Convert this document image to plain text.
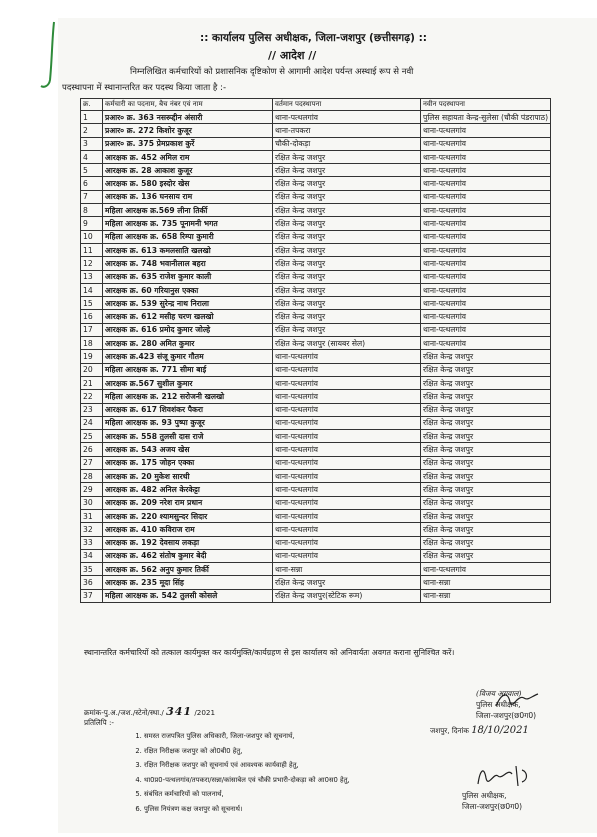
:: कार्यालय पुलिस अधीक्षक, जिला-जशपुर (छत्तीसगढ़) ::
// आदेश //
निम्नलिखित कर्मचारियों को प्रशासनिक दृष्टिकोण से आगामी आदेश पर्यन्त अस्थाई रूप से नवी
पदस्थापना में स्थानान्तरित कर पदस्थ किया जाता है :-
क्र.	कर्मचारी का पदनाम, बैच नंबर एवं नाम	वर्तमान पदस्थापना	नवीन पदस्थापना
1	प्रआर० क्र. 363 नसरूद्दीन अंसारी	थाना-पत्थलगांव	पुलिस सहायता केन्द्र-सुलेसा (चौकी पंडरापाठ)
2	प्रआर० क्र. 272 किशोर कुजूर	थाना-तपकरा	थाना-पत्थलगांव
3	प्रआर० क्र. 375 प्रेमप्रकाश कुर्रे	चौकी-दोकड़ा	थाना-पत्थलगांव
4	आरक्षक क्र. 452 अमिल राम	रक्षित केन्द्र जशपुर	थाना-पत्थलगांव
5	आरक्षक क्र. 28 आकाश कुजूर	रक्षित केन्द्र जशपुर	थाना-पत्थलगांव
6	आरक्षक क्र. 580 इस्दोर खेस	रक्षित केन्द्र जशपुर	थाना-पत्थलगांव
7	आरक्षक क्र. 136 घनसाय राम	रक्षित केन्द्र जशपुर	थाना-पत्थलगांव
8	महिला आरक्षक क्र.569 लीना तिर्की	रक्षित केन्द्र जशपुर	थाना-पत्थलगांव
9	महिला आरक्षक क्र. 735 पूनामनी भगत	रक्षित केन्द्र जशपुर	थाना-पत्थलगांव
10	महिला आरक्षक क्र. 658 रिम्पा कुमारी	रक्षित केन्द्र जशपुर	थाना-पत्थलगांव
11	आरक्षक क्र. 613 कमलसाति खलखो	रक्षित केन्द्र जशपुर	थाना-पत्थलगांव
12	आरक्षक क्र. 748 भवानीलाल बहरा	रक्षित केन्द्र जशपुर	थाना-पत्थलगांव
13	आरक्षक क्र. 635 राजेश कुमार काली	रक्षित केन्द्र जशपुर	थाना-पत्थलगांव
14	आरक्षक क्र. 60 गरियानुस एक्का	रक्षित केन्द्र जशपुर	थाना-पत्थलगांव
15	आरक्षक क्र. 539 सुरेन्द्र नाथ निराला	रक्षित केन्द्र जशपुर	थाना-पत्थलगांव
16	आरक्षक क्र. 612 मसीह चरण खलखो	रक्षित केन्द्र जशपुर	थाना-पत्थलगांव
17	आरक्षक क्र. 616 प्रमोद कुमार जोल्हे	रक्षित केन्द्र जशपुर	थाना-पत्थलगांव
18	आरक्षक क्र. 280 अमित कुमार	रक्षित केन्द्र जशपुर (सायबर सेल)	थाना-पत्थलगांव
19	आरक्षक क्र.423 संजू कुमार गौतम	थाना-पत्थलगांव	रक्षित केन्द्र जशपुर
20	महिला आरक्षक क्र. 771 सीमा बाई	थाना-पत्थलगांव	रक्षित केन्द्र जशपुर
21	आरक्षक क्र.567 सुशील कुमार	थाना-पत्थलगांव	रक्षित केन्द्र जशपुर
22	महिला आरक्षक क्र. 212 सरोजनी खलखो	थाना-पत्थलगांव	रक्षित केन्द्र जशपुर
23	आरक्षक क्र. 617 शिवशंकर पैकरा	थाना-पत्थलगांव	रक्षित केन्द्र जशपुर
24	महिला आरक्षक क्र. 93 पुष्पा कुजूर	थाना-पत्थलगांव	रक्षित केन्द्र जशपुर
25	आरक्षक क्र. 558 तुलसी दास राजे	थाना-पत्थलगांव	रक्षित केन्द्र जशपुर
26	आरक्षक क्र. 543 अजय खेस	थाना-पत्थलगांव	रक्षित केन्द्र जशपुर
27	आरक्षक क्र. 175 जोहन एक्का	थाना-पत्थलगांव	रक्षित केन्द्र जशपुर
28	आरक्षक क्र. 20 मुकेश सारथी	थाना-पत्थलगांव	रक्षित केन्द्र जशपुर
29	आरक्षक क्र. 482 अनिल केरकेट्टा	थाना-पत्थलगांव	रक्षित केन्द्र जशपुर
30	आरक्षक क्र. 209 नरेश राम प्रधान	थाना-पत्थलगांव	रक्षित केन्द्र जशपुर
31	आरक्षक क्र. 220 श्यामसुन्दर सिदार	थाना-पत्थलगांव	रक्षित केन्द्र जशपुर
32	आरक्षक क्र. 410 कविराज राम	थाना-पत्थलगांव	रक्षित केन्द्र जशपुर
33	आरक्षक क्र. 192 देवसाय लकड़ा	थाना-पत्थलगांव	रक्षित केन्द्र जशपुर
34	आरक्षक क्र. 462 संतोष कुमार बेदी	थाना-पत्थलगांव	रक्षित केन्द्र जशपुर
35	आरक्षक क्र. 562 अनुप कुमार तिर्की	थाना-सन्ना	थाना-पत्थलगांव
36	आरक्षक क्र. 235 मूदा सिंह	रक्षित केन्द्र जशपुर	थाना-सन्ना
37	महिला आरक्षक क्र. 542 तुलसी कोसले	रक्षित केन्द्र जशपुर(स्टेटिक रूम)	थाना-सन्ना
स्थानान्तरित कर्मचारियों को तत्काल कार्यमुक्त कर कार्यमुक्ति/कार्यग्रहण से इस कार्यालय को अनिवार्यतः अवगत कराना सुनिश्चित करें।
(विजय अग्रवाल)
पुलिस अधीक्षक,
जिला-जशपुर(छ0ग0)
क्रमांक-पु.अ./जश./स्टेनो/स्था./ 341 /2021
प्रतिलिपि :-
जशपुर, दिनांक 18/10/2021
1. समस्त राजपत्रित पुलिस अधिकारी, जिला-जशपुर को सूचनार्थ,
2. रक्षित निरीक्षक जशपुर को ओ0बी0 हेतु,
3. रक्षित निरीक्षक जशपुर को सूचनार्थ एवं आवश्यक कार्यवाही हेतु,
4. था0प्र0-पत्थलगांव/तपकरा/सन्ना/कांसाबेल एवं चौकी प्रभारी-दोकड़ा को आ0स0 हेतु,
5. संबंधित कर्मचारियों को पालनार्थ,
6. पुलिस नियंत्रण कक्ष जशपुर को सूचनार्थ।
पुलिस अधीक्षक,
जिला-जशपुर(छ0ग0)
